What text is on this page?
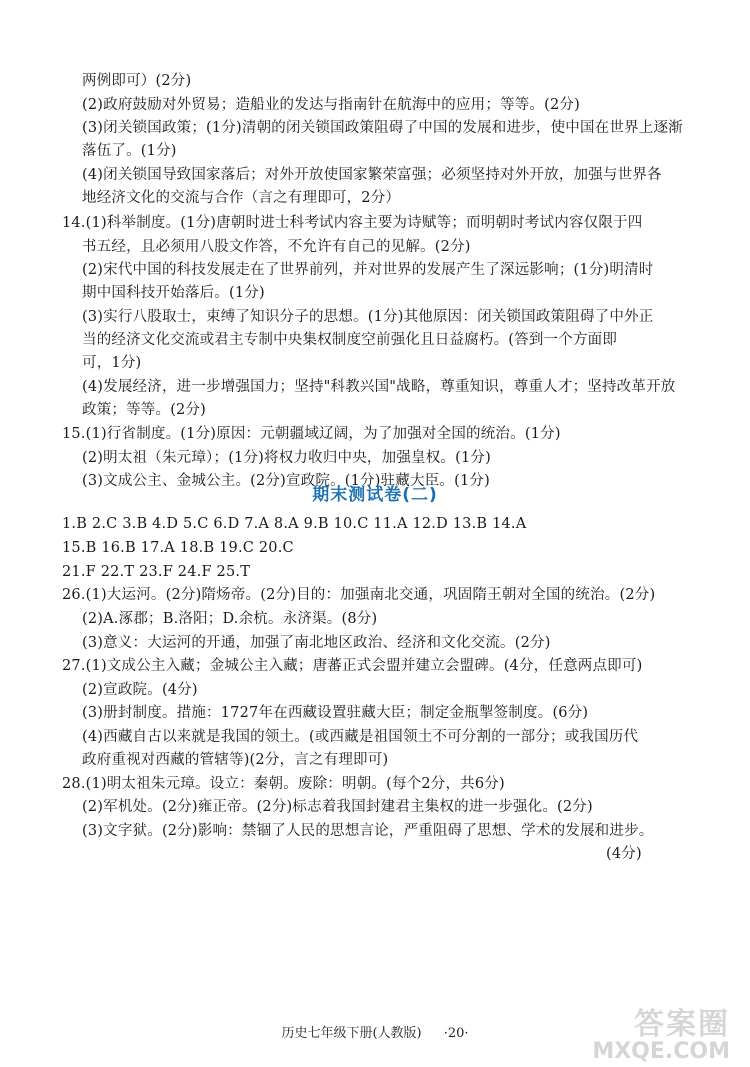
两例即可）(2分)
(2)政府鼓励对外贸易；造船业的发达与指南针在航海中的应用；等等。(2分)
(3)闭关锁国政策；(1分)清朝的闭关锁国政策阻碍了中国的发展和进步，使中国在世界上逐渐
落伍了。(1分)
(4)闭关锁国导致国家落后；对外开放使国家繁荣富强；必须坚持对外开放，加强与世界各
地经济文化的交流与合作（言之有理即可，2分）
14.(1)科举制度。(1分)唐朝时进士科考试内容主要为诗赋等；而明朝时考试内容仅限于四
书五经，且必须用八股文作答，不允许有自己的见解。(2分)
(2)宋代中国的科技发展走在了世界前列，并对世界的发展产生了深远影响；(1分)明清时
期中国科技开始落后。(1分)
(3)实行八股取士，束缚了知识分子的思想。(1分)其他原因：闭关锁国政策阻碍了中外正
当的经济文化交流或君主专制中央集权制度空前强化且日益腐朽。(答到一个方面即
可，1分)
(4)发展经济，进一步增强国力；坚持"科教兴国"战略，尊重知识，尊重人才；坚持改革开放
政策；等等。(2分)
15.(1)行省制度。(1分)原因：元朝疆域辽阔，为了加强对全国的统治。(1分)
(2)明太祖（朱元璋）；(1分)将权力收归中央，加强皇权。(1分)
(3)文成公主、金城公主。(2分)宣政院。(1分)驻藏大臣。(1分)
期末测试卷(二)
1.B 2.C 3.B 4.D 5.C 6.D 7.A 8.A 9.B 10.C 11.A 12.D 13.B 14.A
15.B 16.B 17.A 18.B 19.C 20.C
21.F 22.T 23.F 24.F 25.T
26.(1)大运河。(2分)隋炀帝。(2分)目的：加强南北交通，巩固隋王朝对全国的统治。(2分)
(2)A.涿郡；B.洛阳；D.余杭。永济渠。(8分)
(3)意义：大运河的开通，加强了南北地区政治、经济和文化交流。(2分)
27.(1)文成公主入藏；金城公主入藏；唐蕃正式会盟并建立会盟碑。(4分，任意两点即可)
(2)宣政院。(4分)
(3)册封制度。措施：1727年在西藏设置驻藏大臣；制定金瓶掣签制度。(6分)
(4)西藏自古以来就是我国的领土。(或西藏是祖国领土不可分割的一部分；或我国历代
政府重视对西藏的管辖等)(2分，言之有理即可)
28.(1)明太祖朱元璋。设立：秦朝。废除：明朝。(每个2分，共6分)
(2)军机处。(2分)雍正帝。(2分)标志着我国封建君主集权的进一步强化。(2分)
(3)文字狱。(2分)影响：禁锢了人民的思想言论，严重阻碍了思想、学术的发展和进步。
(4分)
历史七年级下册(人教版) ·20·	答案圈
MXQE.COM
